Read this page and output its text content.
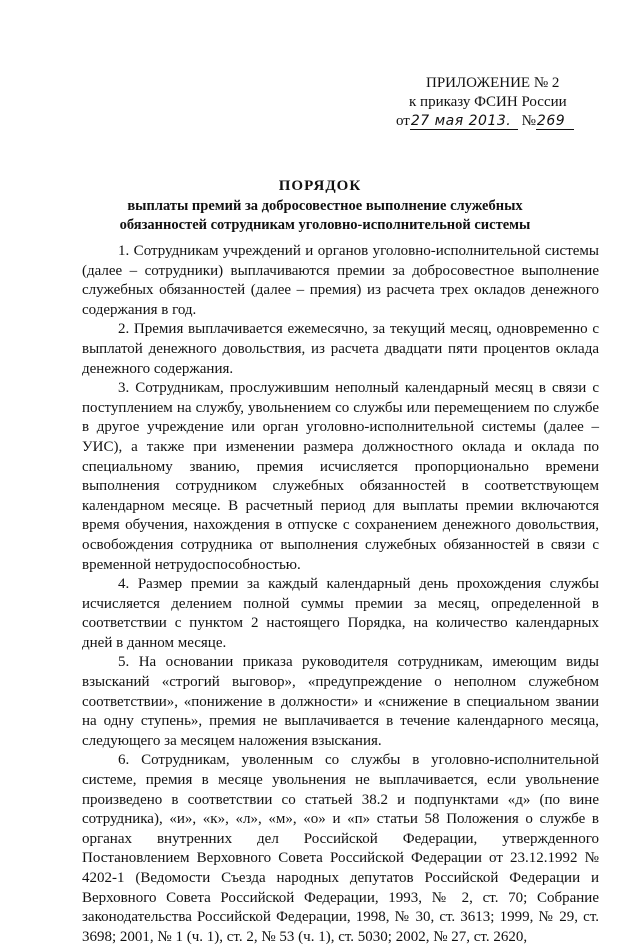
ПРИЛОЖЕНИЕ № 2
к приказу ФСИН России
от27 мая 2013. №269
ПОРЯДОК
выплаты премий за добросовестное выполнение служебных обязанностей сотрудникам уголовно-исполнительной системы

1. Сотрудникам учреждений и органов уголовно-исполнительной системы (далее – сотрудники) выплачиваются премии за добросовестное выполнение служебных обязанностей (далее – премия) из расчета трех окладов денежного содержания в год.

2. Премия выплачивается ежемесячно, за текущий месяц, одновременно с выплатой денежного довольствия, из расчета двадцати пяти процентов оклада денежного содержания.

3. Сотрудникам, прослужившим неполный календарный месяц в связи с поступлением на службу, увольнением со службы или перемещением по службе в другое учреждение или орган уголовно-исполнительной системы (далее – УИС), а также при изменении размера должностного оклада и оклада по специальному званию, премия исчисляется пропорционально времени выполнения сотрудником служебных обязанностей в соответствующем календарном месяце. В расчетный период для выплаты премии включаются время обучения, нахождения в отпуске с сохранением денежного довольствия, освобождения сотрудника от выполнения служебных обязанностей в связи с временной нетрудоспособностью.

4. Размер премии за каждый календарный день прохождения службы исчисляется делением полной суммы премии за месяц, определенной в соответствии с пунктом 2 настоящего Порядка, на количество календарных дней в данном месяце.

5. На основании приказа руководителя сотрудникам, имеющим виды взысканий «строгий выговор», «предупреждение о неполном служебном соответствии», «понижение в должности» и «снижение в специальном звании на одну ступень», премия не выплачивается в течение календарного месяца, следующего за месяцем наложения взыскания.

6. Сотрудникам, уволенным со службы в уголовно-исполнительной системе, премия в месяце увольнения не выплачивается, если увольнение произведено в соответствии со статьей 38.2 и подпунктами «д» (по вине сотрудника), «и», «к», «л», «м», «о» и «п» статьи 58 Положения о службе в органах внутренних дел Российской Федерации, утвержденного Постановлением Верховного Совета Российской Федерации от 23.12.1992 № 4202-1 (Ведомости Съезда народных депутатов Российской Федерации и Верховного Совета Российской Федерации, 1993, № 2, ст. 70; Собрание законодательства Российской Федерации, 1998, № 30, ст. 3613; 1999, № 29, ст. 3698; 2001, № 1 (ч. 1), ст. 2, № 53 (ч. 1), ст. 5030; 2002, № 27, ст. 2620,
